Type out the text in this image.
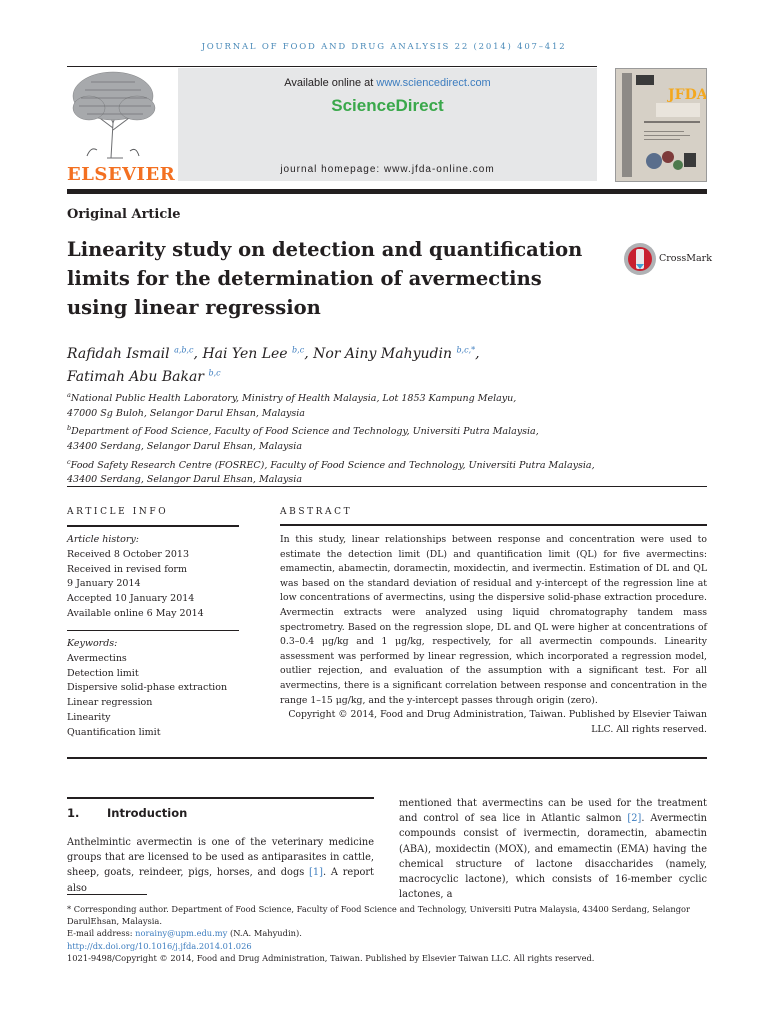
JOURNAL OF FOOD AND DRUG ANALYSIS 22 (2014) 407–412
ELSEVIER
Available online at www.sciencedirect.com
ScienceDirect
journal homepage: www.jfda-online.com
JFDA
Original Article
Linearity study on detection and quantification limits for the determination of avermectins using linear regression
CrossMark
Rafidah Ismail $^{a,b,c}$, Hai Yen Lee $^{b,c}$, Nor Ainy Mahyudin $^{b,c,*}$,
Fatimah Abu Bakar $^{b,c}$
$^a$National Public Health Laboratory, Ministry of Health Malaysia, Lot 1853 Kampung Melayu,
47000 Sg Buloh, Selangor Darul Ehsan, Malaysia
$^b$Department of Food Science, Faculty of Food Science and Technology, Universiti Putra Malaysia,
43400 Serdang, Selangor Darul Ehsan, Malaysia
$^c$Food Safety Research Centre (FOSREC), Faculty of Food Science and Technology, Universiti Putra Malaysia,
43400 Serdang, Selangor Darul Ehsan, Malaysia
ARTICLE INFO
Article history:
Received 8 October 2013
Received in revised form
9 January 2014
Accepted 10 January 2014
Available online 6 May 2014
Keywords:
Avermectins
Detection limit
Dispersive solid-phase extraction
Linear regression
Linearity
Quantification limit
ABSTRACT

In this study, linear relationships between response and concentration were used to estimate the detection limit (DL) and quantification limit (QL) for five avermectins: emamectin, abamectin, doramectin, moxidectin, and ivermectin. Estimation of DL and QL was based on the standard deviation of residual and y-intercept of the regression line at low concentrations of avermectins, using the dispersive solid-phase extraction procedure. Avermectin extracts were analyzed using liquid chromatography tandem mass spectrometry. Based on the regression slope, DL and QL were higher at concentrations of 0.3–0.4 μg/kg and 1 μg/kg, respectively, for all avermectin compounds. Linearity assessment was performed by linear regression, which incorporated a regression model, outlier rejection, and evaluation of the assumption with a significant test. For all avermectins, there is a significant correlation between response and concentration in the range 1–15 μg/kg, and the y-intercept passes through origin (zero).

Copyright © 2014, Food and Drug Administration, Taiwan. Published by Elsevier Taiwan LLC. All rights reserved.

1. Introduction
Anthelmintic avermectin is one of the veterinary medicine groups that are licensed to be used as antiparasites in cattle, sheep, goats, reindeer, pigs, horses, and dogs [1]. A report also
mentioned that avermectins can be used for the treatment and control of sea lice in Atlantic salmon [2]. Avermectin compounds consist of ivermectin, doramectin, abamectin (ABA), moxidectin (MOX), and emamectin (EMA) having the chemical structure of lactone disaccharides (namely, macrocyclic lactone), which consists of 16-member cyclic lactones, a
* Corresponding author. Department of Food Science, Faculty of Food Science and Technology, Universiti Putra Malaysia, 43400 Serdang, Selangor DarulEhsan, Malaysia.
E-mail address: norainy@upm.edu.my (N.A. Mahyudin).
http://dx.doi.org/10.1016/j.jfda.2014.01.026
1021-9498/Copyright © 2014, Food and Drug Administration, Taiwan. Published by Elsevier Taiwan LLC. All rights reserved.
